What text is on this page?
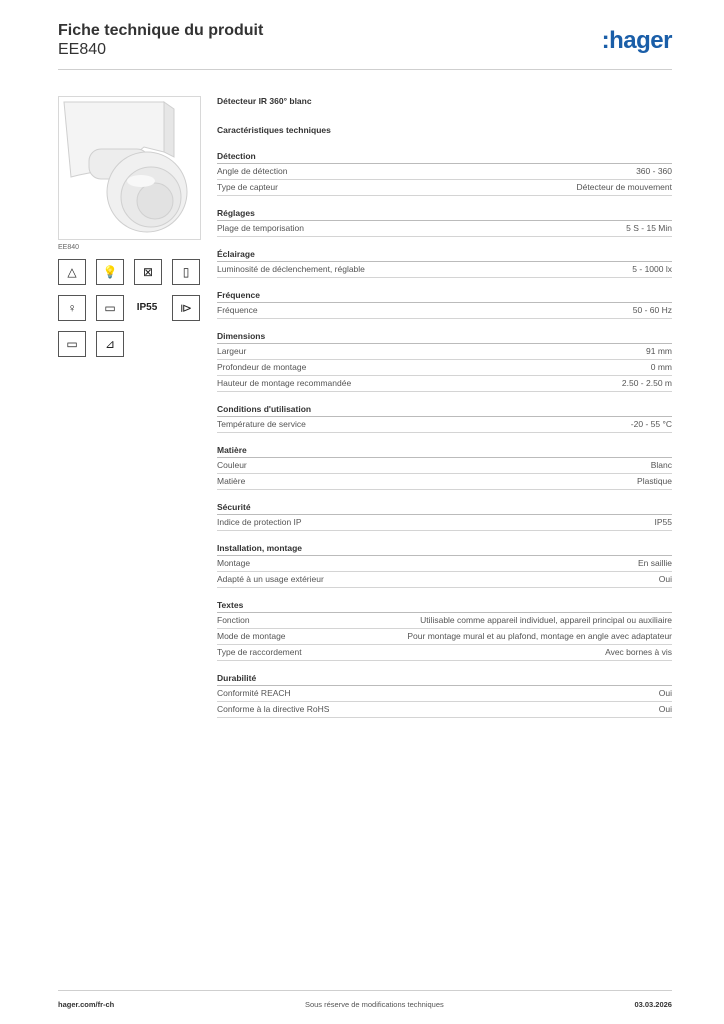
Fiche technique du produit
EE840	:hager
EE840
△	💡	⊠	▯
♀	▭	IP55	⧐
▭	⊿
Détecteur IR 360° blanc
Caractéristiques techniques
Détection
Angle de détection	360 - 360
Type de capteur	Détecteur de mouvement
Réglages
Plage de temporisation	5 S - 15 Min
Éclairage
Luminosité de déclenchement, réglable	5 - 1000 lx
Fréquence
Fréquence	50 - 60 Hz
Dimensions
Largeur	91 mm
Profondeur de montage	0 mm
Hauteur de montage recommandée	2.50 - 2.50 m
Conditions d'utilisation
Température de service	-20 - 55 °C
Matière
Couleur	Blanc
Matière	Plastique
Sécurité
Indice de protection IP	IP55
Installation, montage
Montage	En saillie
Adapté à un usage extérieur	Oui
Textes
Fonction	Utilisable comme appareil individuel, appareil principal ou auxiliaire
Mode de montage	Pour montage mural et au plafond, montage en angle avec adaptateur
Type de raccordement	Avec bornes à vis
Durabilité
Conformité REACH	Oui
Conforme à la directive RoHS	Oui
hager.com/fr-ch	Sous réserve de modifications techniques	03.03.2026
